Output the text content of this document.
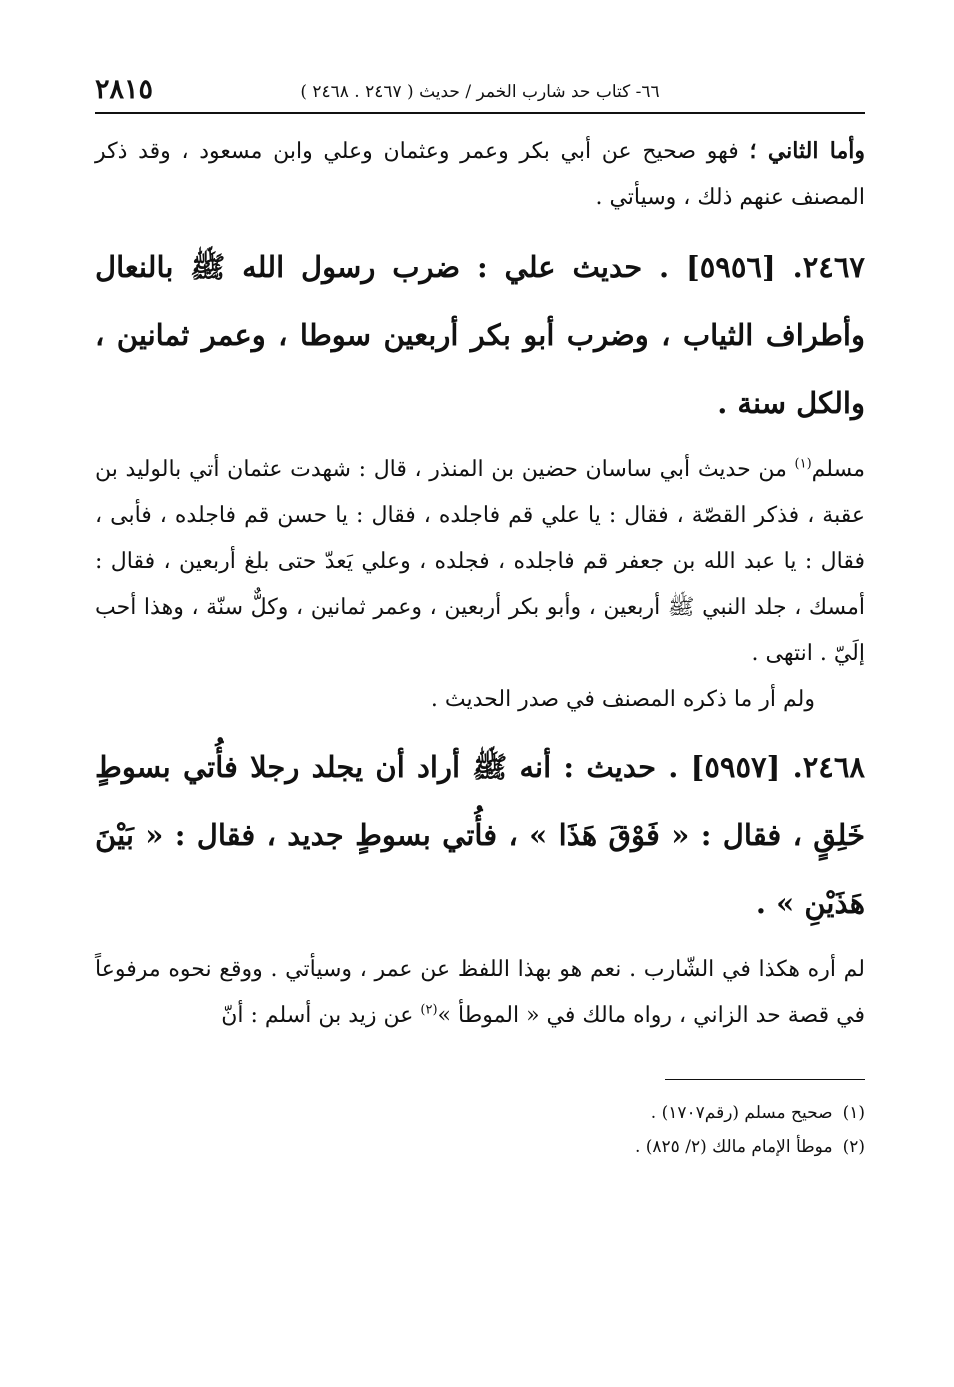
٢٨١٥	٦٦- كتاب حد شارب الخمر / حديث ( ٢٤٦٧ . ٢٤٦٨ )

وأما الثاني ؛ فهو صحيح عن أبي بكر وعمر وعثمان وعلي وابن مسعود ، وقد ذكر المصنف عنهم ذلك ، وسيأتي .

٢٤٦٧. [٥٩٥٦] . حديث علي : ضرب رسول الله ﷺ بالنعال وأطراف الثياب ، وضرب أبو بكر أربعين سوطا ، وعمر ثمانين ، والكل سنة .

مسلم$^{(١)}$ من حديث أبي ساسان حضين بن المنذر ، قال : شهدت عثمان أتي بالوليد بن عقبة ، فذكر القصّة ، فقال : يا علي قم فاجلده ، فقال : يا حسن قم فاجلده ، فأبى ، فقال : يا عبد الله بن جعفر قم فاجلده ، فجلده ، وعلي يَعدّ حتى بلغ أربعين ، فقال : أمسك ، جلد النبي ﷺ أربعين ، وأبو بكر أربعين ، وعمر ثمانين ، وكلٌّ سنّة ، وهذا أحب إلَيّ . انتهى .

ولم أر ما ذكره المصنف في صدر الحديث .

٢٤٦٨. [٥٩٥٧] . حديث : أنه ﷺ أراد أن يجلد رجلا فأُتي بسوطٍ خَلِقٍ ، فقال : « فَوْقَ هَذَا » ، فأُتي بسوطٍ جديد ، فقال : « بَيْنَ هَذَيْنِ » .

لم أره هكذا في الشّارب . نعم هو بهذا اللفظ عن عمر ، وسيأتي . ووقع نحوه مرفوعاً في قصة حد الزاني ، رواه مالك في « الموطأ »$^{(٢)}$ عن زيد بن أسلم : أنّ

(١)صحيح مسلم (رقم١٧٠٧) .

(٢)موطأ الإمام مالك (٢/ ٨٢٥) .
